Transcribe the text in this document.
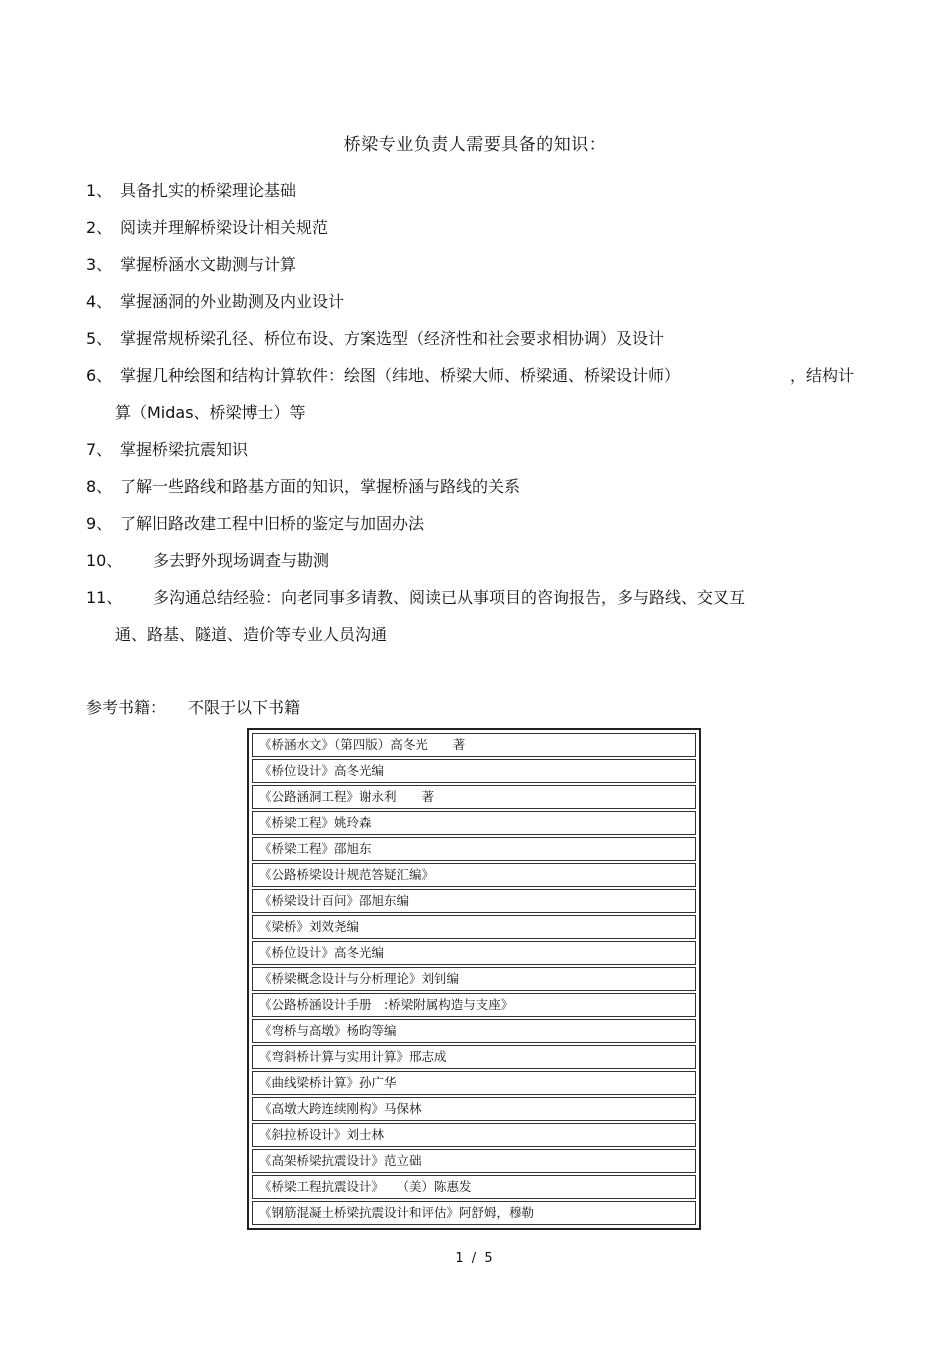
桥梁专业负责人需要具备的知识：
1、 具备扎实的桥梁理论基础
2、 阅读并理解桥梁设计相关规范
3、 掌握桥涵水文勘测与计算
4、 掌握涵洞的外业勘测及内业设计
5、 掌握常规桥梁孔径、桥位布设、方案选型（经济性和社会要求相协调）及设计
6、 掌握几种绘图和结构计算软件：绘图（纬地、桥梁大师、桥梁通、桥梁设计师）	，结构计
算（Midas、桥梁博士）等
7、 掌握桥梁抗震知识
8、 了解一些路线和路基方面的知识，掌握桥涵与路线的关系
9、 了解旧路改建工程中旧桥的鉴定与加固办法
10、 多去野外现场调查与勘测
11、 多沟通总结经验：向老同事多请教、阅读已从事项目的咨询报告，多与路线、交叉互
通、路基、隧道、造价等专业人员沟通
参考书籍： 不限于以下书籍
《桥涵水文》（第四版）高冬光　　著
《桥位设计》高冬光编
《公路涵洞工程》谢永利　　著
《桥梁工程》姚玲森
《桥梁工程》邵旭东
《公路桥梁设计规范答疑汇编》
《桥梁设计百问》邵旭东编
《梁桥》刘效尧编
《桥位设计》高冬光编
《桥梁概念设计与分析理论》刘钊编
《公路桥涵设计手册　:桥梁附属构造与支座》
《弯桥与高墩》杨昀等编
《弯斜桥计算与实用计算》邢志成
《曲线梁桥计算》孙广华
《高墩大跨连续刚构》马保林
《斜拉桥设计》刘士林
《高架桥梁抗震设计》范立础
《桥梁工程抗震设计》　　（美）陈惠发
《钢筋混凝土桥梁抗震设计和评估》阿舒姆，穆勒
1 / 5
